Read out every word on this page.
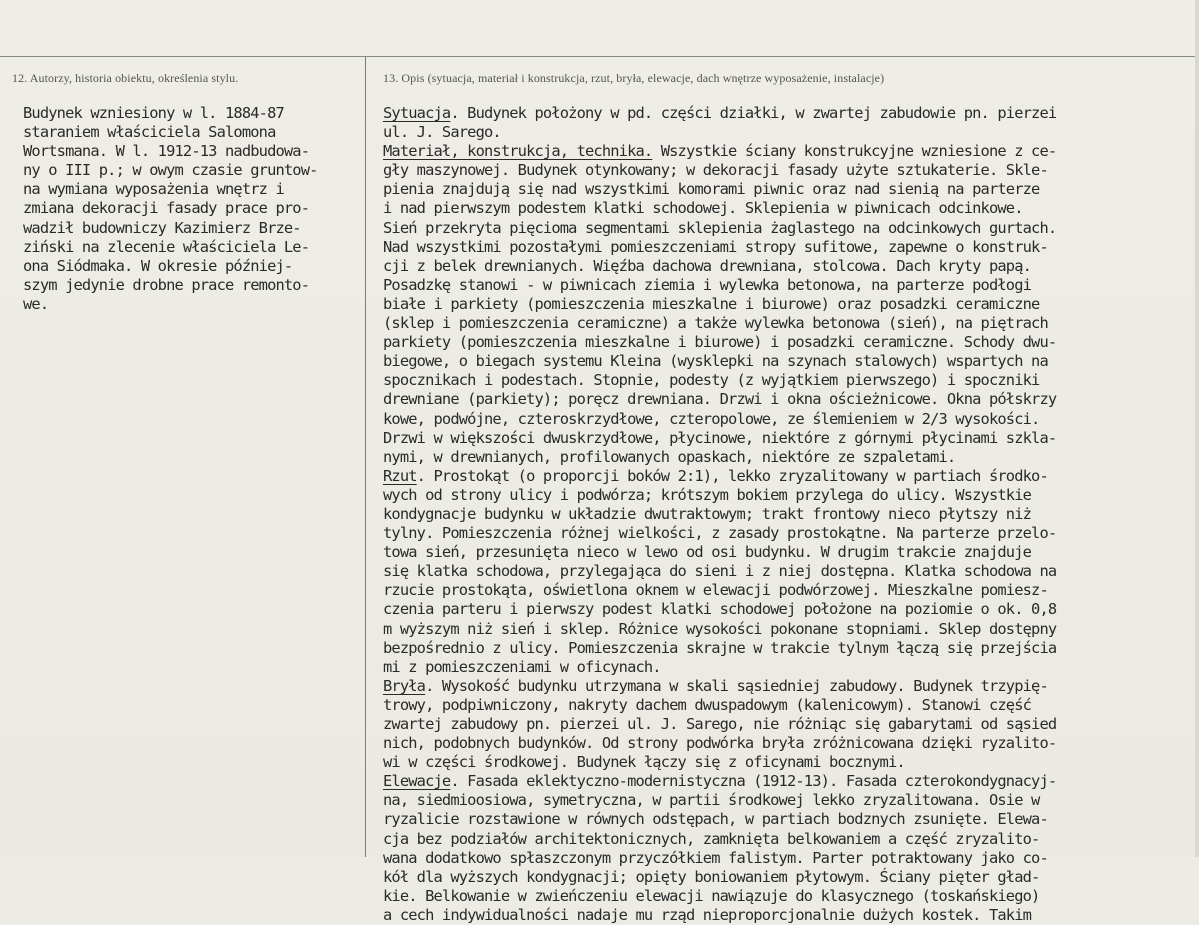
12. Autorzy, historia obiektu, określenia stylu.	13. Opis (sytuacja, materiał i konstrukcja, rzut, bryła, elewacje, dach wnętrze wyposażenie, instalacje)
Budynek wzniesiony w l. 1884-87
staraniem właściciela Salomona
Wortsmana. W l. 1912-13 nadbudowa-
ny o III p.; w owym czasie gruntow-
na wymiana wyposażenia wnętrz i
zmiana dekoracji fasady prace pro-
wadził budowniczy Kazimierz Brze-
ziński na zlecenie właściciela Le-
ona Siódmaka. W okresie później-
szym jedynie drobne prace remonto-
we.
Sytuacja. Budynek położony w pd. części działki, w zwartej zabudowie pn. pierzei
ul. J. Sarego.
Materiał, konstrukcja, technika. Wszystkie ściany konstrukcyjne wzniesione z ce-
gły maszynowej. Budynek otynkowany; w dekoracji fasady użyte sztukaterie. Skle-
pienia znajdują się nad wszystkimi komorami piwnic oraz nad sienią na parterze
i nad pierwszym podestem klatki schodowej. Sklepienia w piwnicach odcinkowe.
Sień przekryta pięcioma segmentami sklepienia żaglastego na odcinkowych gurtach.
Nad wszystkimi pozostałymi pomieszczeniami stropy sufitowe, zapewne o konstruk-
cji z belek drewnianych. Więźba dachowa drewniana, stolcowa. Dach kryty papą.
Posadzkę stanowi - w piwnicach ziemia i wylewka betonowa, na parterze podłogi
białe i parkiety (pomieszczenia mieszkalne i biurowe) oraz posadzki ceramiczne
(sklep i pomieszczenia ceramiczne) a także wylewka betonowa (sień), na piętrach
parkiety (pomieszczenia mieszkalne i biurowe) i posadzki ceramiczne. Schody dwu-
biegowe, o biegach systemu Kleina (wysklepki na szynach stalowych) wspartych na
spocznikach i podestach. Stopnie, podesty (z wyjątkiem pierwszego) i spoczniki
drewniane (parkiety); poręcz drewniana. Drzwi i okna ościeżnicowe. Okna półskrzy
kowe, podwójne, czteroskrzydłowe, czteropolowe, ze ślemieniem w 2/3 wysokości.
Drzwi w większości dwuskrzydłowe, płycinowe, niektóre z górnymi płycinami szkla-
nymi, w drewnianych, profilowanych opaskach, niektóre ze szpaletami.
Rzut. Prostokąt (o proporcji boków 2:1), lekko zryzalitowany w partiach środko-
wych od strony ulicy i podwórza; krótszym bokiem przylega do ulicy. Wszystkie
kondygnacje budynku w układzie dwutraktowym; trakt frontowy nieco płytszy niż
tylny. Pomieszczenia różnej wielkości, z zasady prostokątne. Na parterze przelo-
towa sień, przesunięta nieco w lewo od osi budynku. W drugim trakcie znajduje
się klatka schodowa, przylegająca do sieni i z niej dostępna. Klatka schodowa na
rzucie prostokąta, oświetlona oknem w elewacji podwórzowej. Mieszkalne pomiesz-
czenia parteru i pierwszy podest klatki schodowej położone na poziomie o ok. 0,8
m wyższym niż sień i sklep. Różnice wysokości pokonane stopniami. Sklep dostępny
bezpośrednio z ulicy. Pomieszczenia skrajne w trakcie tylnym łączą się przejściа
mi z pomieszczeniami w oficynach.
Bryła. Wysokość budynku utrzymana w skali sąsiedniej zabudowy. Budynek trzypię-
trowy, podpiwniczony, nakryty dachem dwuspadowym (kalenicowym). Stanowi część
zwartej zabudowy pn. pierzei ul. J. Sarego, nie różniąc się gabarytami od sąsied
nich, podobnych budynków. Od strony podwórka bryła zróżnicowana dzięki ryzalito-
wi w części środkowej. Budynek łączy się z oficynami bocznymi.
Elewacje. Fasada eklektyczno-modernistyczna (1912-13). Fasada czterokondygnacyj-
na, siedmioosiowa, symetryczna, w partii środkowej lekko zryzalitowana. Osie w
ryzalicie rozstawione w równych odstępach, w partiach bodznych zsunięte. Elewa-
cja bez podziałów architektonicznych, zamknięta belkowaniem a część zryzalito-
wana dodatkowo spłaszczonym przyczółkiem falistym. Parter potraktowany jako co-
kół dla wyższych kondygnacji; opięty boniowaniem płytowym. Ściany pięter gład-
kie. Belkowanie w zwieńczeniu elewacji nawiązuje do klasycznego (toskańskiego)
a cech indywidualności nadaje mu rząd nieproporcjonalnie dużych kostek. Takim
